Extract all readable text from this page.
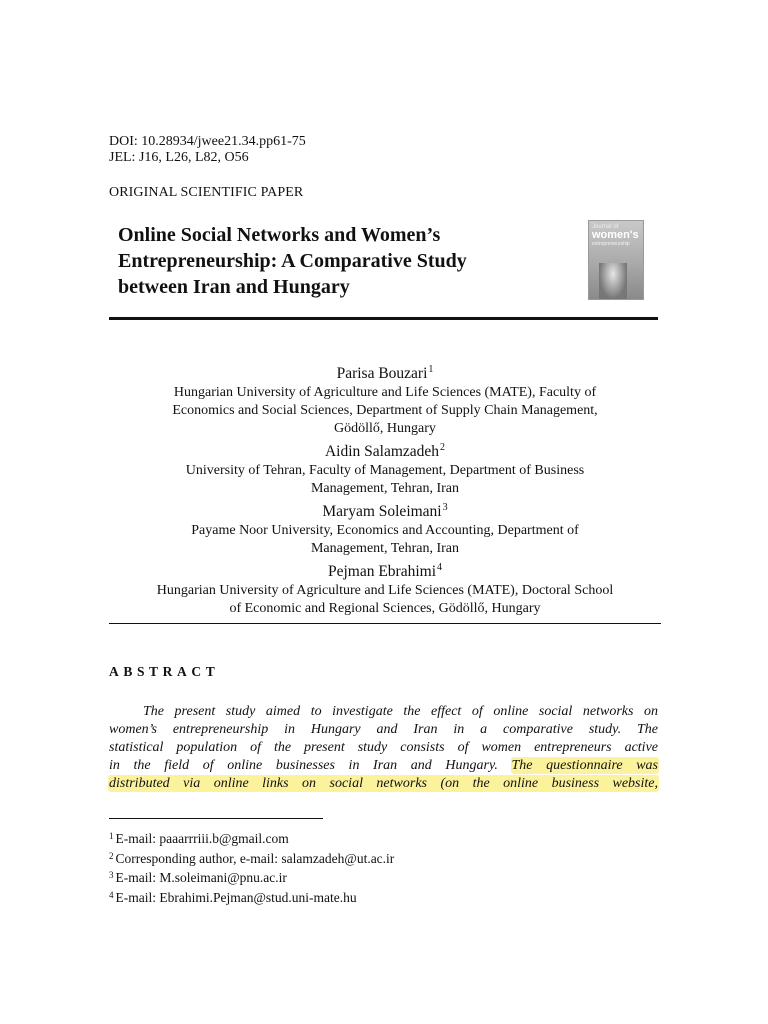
DOI: 10.28934/jwee21.34.pp61-75
JEL: J16, L26, L82, O56
ORIGINAL SCIENTIFIC PAPER
Online Social Networks and Women’s
Entrepreneurship: A Comparative Study
between Iran and Hungary
Journal of
women's
entrepreneurship
Parisa Bouzari$^1$
Hungarian University of Agriculture and Life Sciences (MATE), Faculty of
Economics and Social Sciences, Department of Supply Chain Management,
Gödöllő, Hungary
Aidin Salamzadeh$^2$
University of Tehran, Faculty of Management, Department of Business
Management, Tehran, Iran
Maryam Soleimani$^3$
Payame Noor University, Economics and Accounting, Department of
Management, Tehran, Iran
Pejman Ebrahimi$^4$
Hungarian University of Agriculture and Life Sciences (MATE), Doctoral School
of Economic and Regional Sciences, Gödöllő, Hungary
ABSTRACT
The present study aimed to investigate the effect of online social networks on
women’s entrepreneurship in Hungary and Iran in a comparative study. The
statistical population of the present study consists of women entrepreneurs active
in the field of online businesses in Iran and Hungary. The questionnaire was
distributed via online links on social networks (on the online business website,
$^1$ E-mail: paaarrriii.b@gmail.com
$^2$ Corresponding author, e-mail: salamzadeh@ut.ac.ir
$^3$ E-mail: M.soleimani@pnu.ac.ir
$^4$ E-mail: Ebrahimi.Pejman@stud.uni-mate.hu
